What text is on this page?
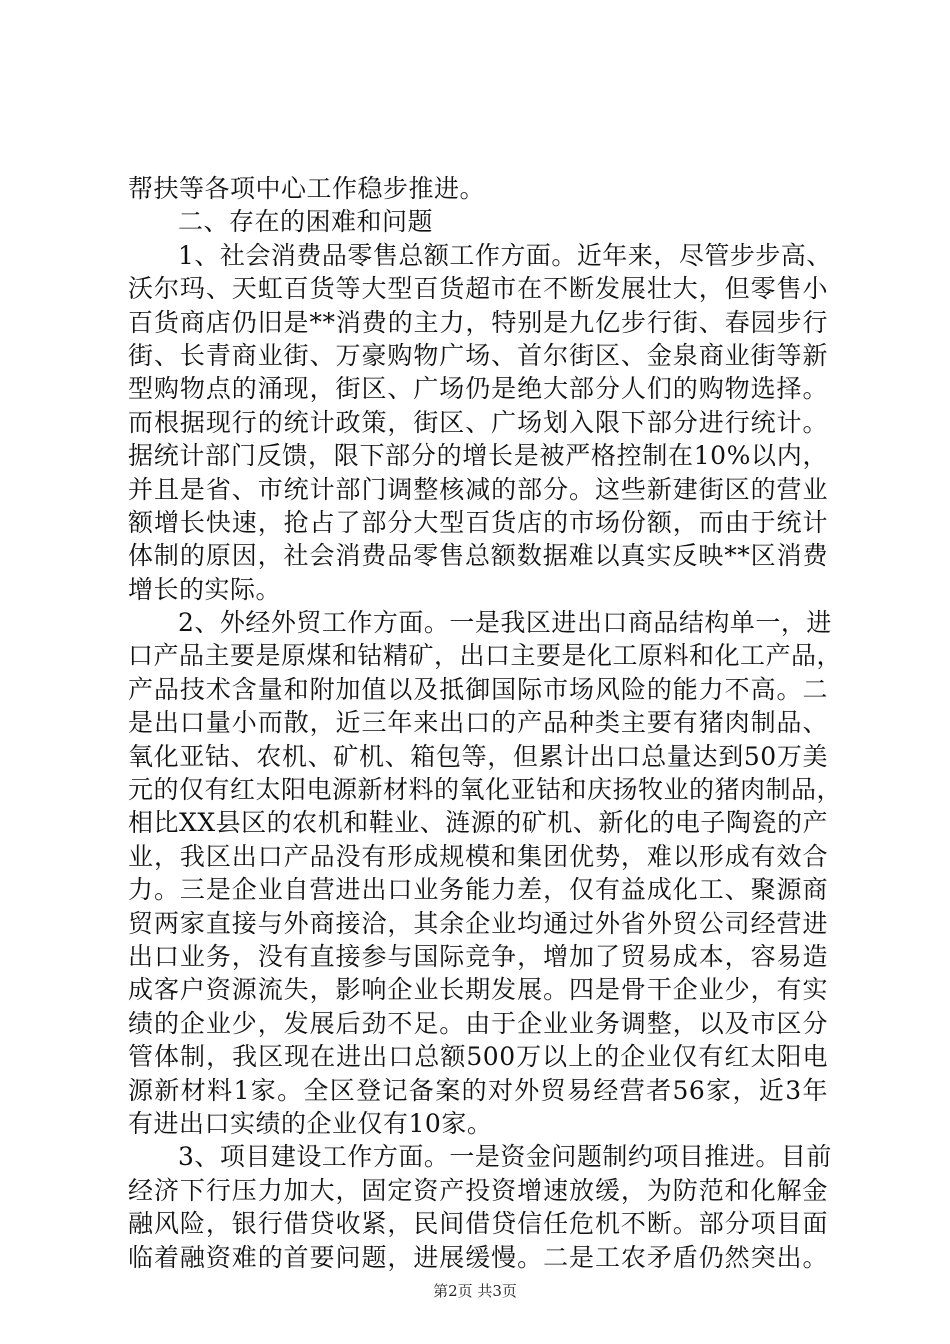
帮扶等各项中心工作稳步推进。
二、存在的困难和问题
1、社会消费品零售总额工作方面。近年来，尽管步步高、
沃尔玛、天虹百货等大型百货超市在不断发展壮大，但零售小
百货商店仍旧是**消费的主力，特别是九亿步行街、春园步行
街、长青商业街、万豪购物广场、首尔街区、金泉商业街等新
型购物点的涌现，街区、广场仍是绝大部分人们的购物选择。
而根据现行的统计政策，街区、广场划入限下部分进行统计。
据统计部门反馈，限下部分的增长是被严格控制在10%以内，
并且是省、市统计部门调整核减的部分。这些新建街区的营业
额增长快速，抢占了部分大型百货店的市场份额，而由于统计
体制的原因，社会消费品零售总额数据难以真实反映**区消费
增长的实际。
2、外经外贸工作方面。一是我区进出口商品结构单一，进
口产品主要是原煤和钴精矿，出口主要是化工原料和化工产品，
产品技术含量和附加值以及抵御国际市场风险的能力不高。二
是出口量小而散，近三年来出口的产品种类主要有猪肉制品、
氧化亚钴、农机、矿机、箱包等，但累计出口总量达到50万美
元的仅有红太阳电源新材料的氧化亚钴和庆扬牧业的猪肉制品，
相比XX县区的农机和鞋业、涟源的矿机、新化的电子陶瓷的产
业，我区出口产品没有形成规模和集团优势，难以形成有效合
力。三是企业自营进出口业务能力差，仅有益成化工、聚源商
贸两家直接与外商接洽，其余企业均通过外省外贸公司经营进
出口业务，没有直接参与国际竞争，增加了贸易成本，容易造
成客户资源流失，影响企业长期发展。四是骨干企业少，有实
绩的企业少，发展后劲不足。由于企业业务调整，以及市区分
管体制，我区现在进出口总额500万以上的企业仅有红太阳电
源新材料1家。全区登记备案的对外贸易经营者56家，近3年
有进出口实绩的企业仅有10家。
3、项目建设工作方面。一是资金问题制约项目推进。目前
经济下行压力加大，固定资产投资增速放缓，为防范和化解金
融风险，银行借贷收紧，民间借贷信任危机不断。部分项目面
临着融资难的首要问题，进展缓慢。二是工农矛盾仍然突出。
第2页 共3页
